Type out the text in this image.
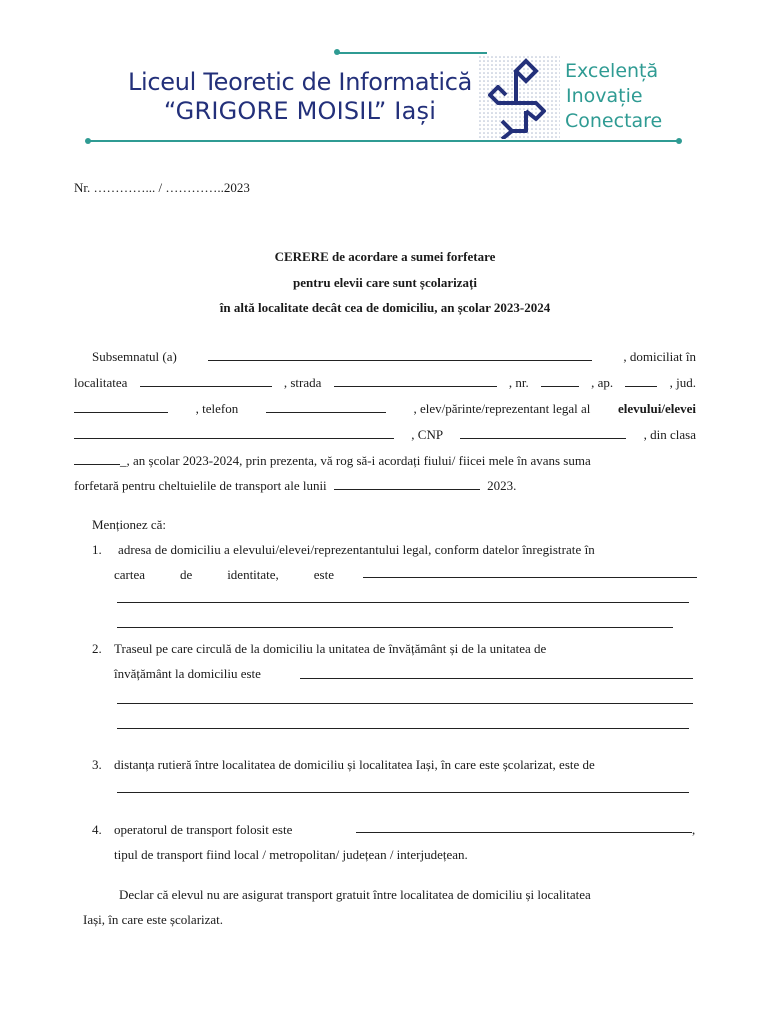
Liceul Teoretic de Informatică
“GRIGORE MOISIL” Iași
Excelență
Inovație
Conectare
Nr. …………... / …………..2023
CERERE de acordare a sumei forfetare
pentru elevii care sunt școlarizați
în altă localitate decât cea de domiciliu, an școlar 2023-2024
Subsemnatul (a)	, domiciliat în
localitatea	, strada	, nr.	, ap.	, jud.
, telefon	, elev/părinte/reprezentant legal al elevului/elevei
, CNP	, din clasa
_, an școlar 2023-2024, prin prezenta, vă rog să-i acordați fiului/ fiicei mele în avans suma
forfetară pentru cheltuielile de transport ale lunii	2023.
Menționez că:
1. adresa de domiciliu a elevului/elevei/reprezentantului legal, conform datelor înregistrate în
cartea	de	identitate,	este
2. Traseul pe care circulă de la domiciliu la unitatea de învățământ și de la unitatea de
învățământ la domiciliu este
3. distanța rutieră între localitatea de domiciliu și localitatea Iași, în care este școlarizat, este de
4. operatorul de transport folosit este	,
tipul de transport fiind local / metropolitan/ județean / interjudețean.
Declar că elevul nu are asigurat transport gratuit între localitatea de domiciliu și localitatea
Iași, în care este școlarizat.
